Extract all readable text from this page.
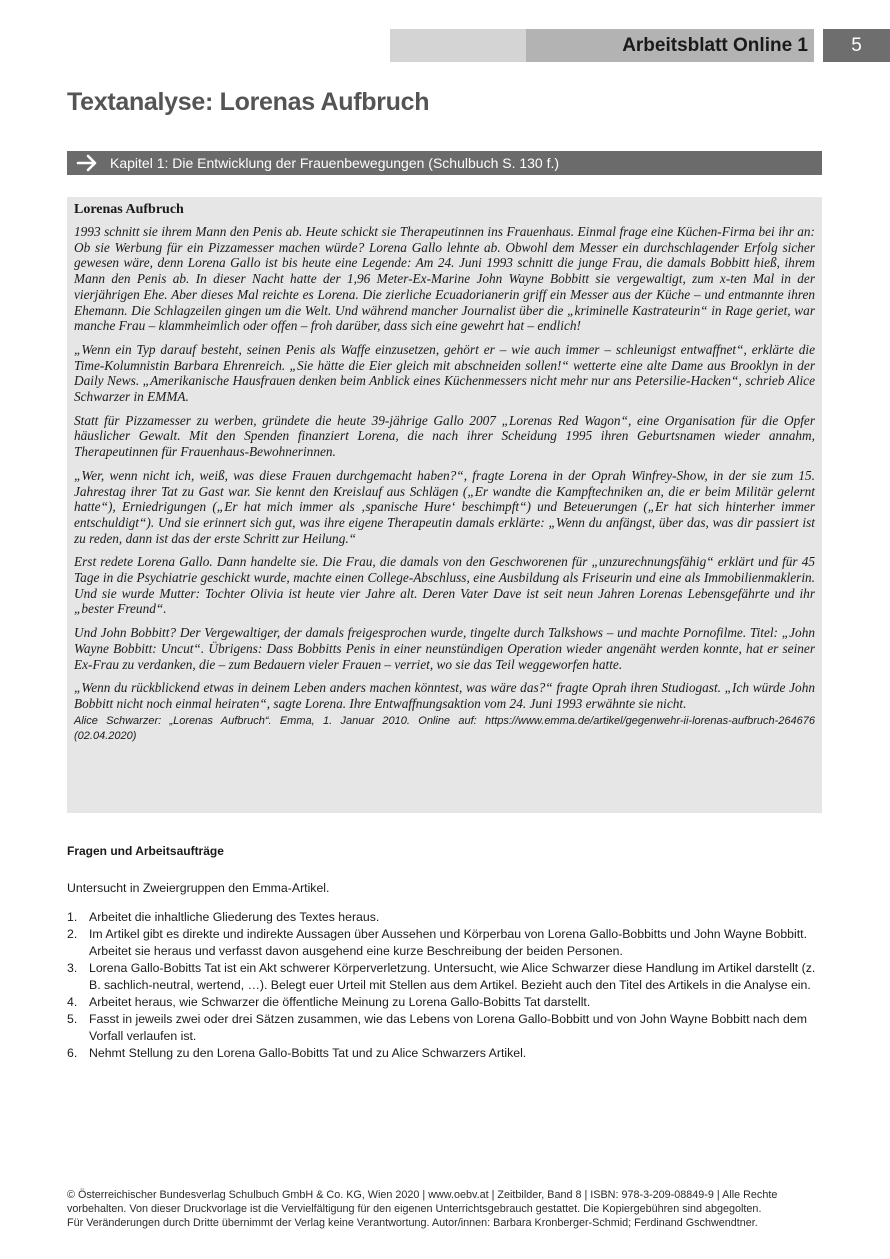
Arbeitsblatt Online 1	5
Textanalyse: Lorenas Aufbruch
Kapitel 1: Die Entwicklung der Frauenbewegungen (Schulbuch S. 130 f.)
Lorenas Aufbruch

1993 schnitt sie ihrem Mann den Penis ab. Heute schickt sie Therapeutinnen ins Frauenhaus. Einmal frage eine Küchen-Firma bei ihr an: Ob sie Werbung für ein Pizzamesser machen würde? Lorena Gallo lehnte ab. Obwohl dem Messer ein durchschlagender Erfolg sicher gewesen wäre, denn Lorena Gallo ist bis heute eine Legende: Am 24. Juni 1993 schnitt die junge Frau, die damals Bobbitt hieß, ihrem Mann den Penis ab. In dieser Nacht hatte der 1,96 Meter-Ex-Marine John Wayne Bobbitt sie vergewaltigt, zum x-ten Mal in der vierjährigen Ehe. Aber dieses Mal reichte es Lorena. Die zierliche Ecuadorianerin griff ein Messer aus der Küche – und entmannte ihren Ehemann. Die Schlagzeilen gingen um die Welt. Und während mancher Journalist über die „kriminelle Kastrateurin“ in Rage geriet, war manche Frau – klammheimlich oder offen – froh darüber, dass sich eine gewehrt hat – endlich!

„Wenn ein Typ darauf besteht, seinen Penis als Waffe einzusetzen, gehört er – wie auch immer – schleunigst entwaffnet“, erklärte die Time-Kolumnistin Barbara Ehrenreich. „Sie hätte die Eier gleich mit abschneiden sollen!“ wetterte eine alte Dame aus Brooklyn in der Daily News. „Amerikanische Hausfrauen denken beim Anblick eines Küchenmessers nicht mehr nur ans Petersilie-Hacken“, schrieb Alice Schwarzer in EMMA.

Statt für Pizzamesser zu werben, gründete die heute 39-jährige Gallo 2007 „Lorenas Red Wagon“, eine Organisation für die Opfer häuslicher Gewalt. Mit den Spenden finanziert Lorena, die nach ihrer Scheidung 1995 ihren Geburtsnamen wieder annahm, Therapeutinnen für Frauenhaus-Bewohnerinnen.

„Wer, wenn nicht ich, weiß, was diese Frauen durchgemacht haben?“, fragte Lorena in der Oprah Winfrey-Show, in der sie zum 15. Jahrestag ihrer Tat zu Gast war. Sie kennt den Kreislauf aus Schlägen („Er wandte die Kampftechniken an, die er beim Militär gelernt hatte“), Erniedrigungen („Er hat mich immer als ‚spanische Hure‘ beschimpft“) und Beteuerungen („Er hat sich hinterher immer entschuldigt“). Und sie erinnert sich gut, was ihre eigene Therapeutin damals erklärte: „Wenn du anfängst, über das, was dir passiert ist zu reden, dann ist das der erste Schritt zur Heilung.“

Erst redete Lorena Gallo. Dann handelte sie. Die Frau, die damals von den Geschworenen für „unzurechnungsfähig“ erklärt und für 45 Tage in die Psychiatrie geschickt wurde, machte einen College-Abschluss, eine Ausbildung als Friseurin und eine als Immobilienmaklerin. Und sie wurde Mutter: Tochter Olivia ist heute vier Jahre alt. Deren Vater Dave ist seit neun Jahren Lorenas Lebensgefährte und ihr „bester Freund“.

Und John Bobbitt? Der Vergewaltiger, der damals freigesprochen wurde, tingelte durch Talkshows – und machte Pornofilme. Titel: „John Wayne Bobbitt: Uncut“. Übrigens: Dass Bobbitts Penis in einer neunstündigen Operation wieder angenäht werden konnte, hat er seiner Ex-Frau zu verdanken, die – zum Bedauern vieler Frauen – verriet, wo sie das Teil weggeworfen hatte.

„Wenn du rückblickend etwas in deinem Leben anders machen könntest, was wäre das?“ fragte Oprah ihren Studiogast. „Ich würde John Bobbitt nicht noch einmal heiraten“, sagte Lorena. Ihre Entwaffnungsaktion vom 24. Juni 1993 erwähnte sie nicht.

Alice Schwarzer: „Lorenas Aufbruch“. Emma, 1. Januar 2010. Online auf: https://www.emma.de/artikel/gegenwehr-ii-lorenas-aufbruch-264676 (02.04.2020)

Fragen und Arbeitsaufträge

Untersucht in Zweiergruppen den Emma-Artikel.

1. Arbeitet die inhaltliche Gliederung des Textes heraus.
2. Im Artikel gibt es direkte und indirekte Aussagen über Aussehen und Körperbau von Lorena Gallo-Bobbitts und John Wayne Bobbitt. Arbeitet sie heraus und verfasst davon ausgehend eine kurze Beschreibung der beiden Personen.
3. Lorena Gallo-Bobitts Tat ist ein Akt schwerer Körperverletzung. Untersucht, wie Alice Schwarzer diese Handlung im Artikel darstellt (z. B. sachlich-neutral, wertend, …). Belegt euer Urteil mit Stellen aus dem Artikel. Bezieht auch den Titel des Artikels in die Analyse ein.
4. Arbeitet heraus, wie Schwarzer die öffentliche Meinung zu Lorena Gallo-Bobitts Tat darstellt.
5. Fasst in jeweils zwei oder drei Sätzen zusammen, wie das Lebens von Lorena Gallo-Bobbitt und von John Wayne Bobbitt nach dem Vorfall verlaufen ist.
6. Nehmt Stellung zu den Lorena Gallo-Bobitts Tat und zu Alice Schwarzers Artikel.
© Österreichischer Bundesverlag Schulbuch GmbH & Co. KG, Wien 2020 | www.oebv.at | Zeitbilder, Band 8 | ISBN: 978-3-209-08849-9 | Alle Rechte
vorbehalten. Von dieser Druckvorlage ist die Vervielfältigung für den eigenen Unterrichtsgebrauch gestattet. Die Kopiergebühren sind abgegolten.
Für Veränderungen durch Dritte übernimmt der Verlag keine Verantwortung. Autor/innen: Barbara Kronberger-Schmid; Ferdinand Gschwendtner.
